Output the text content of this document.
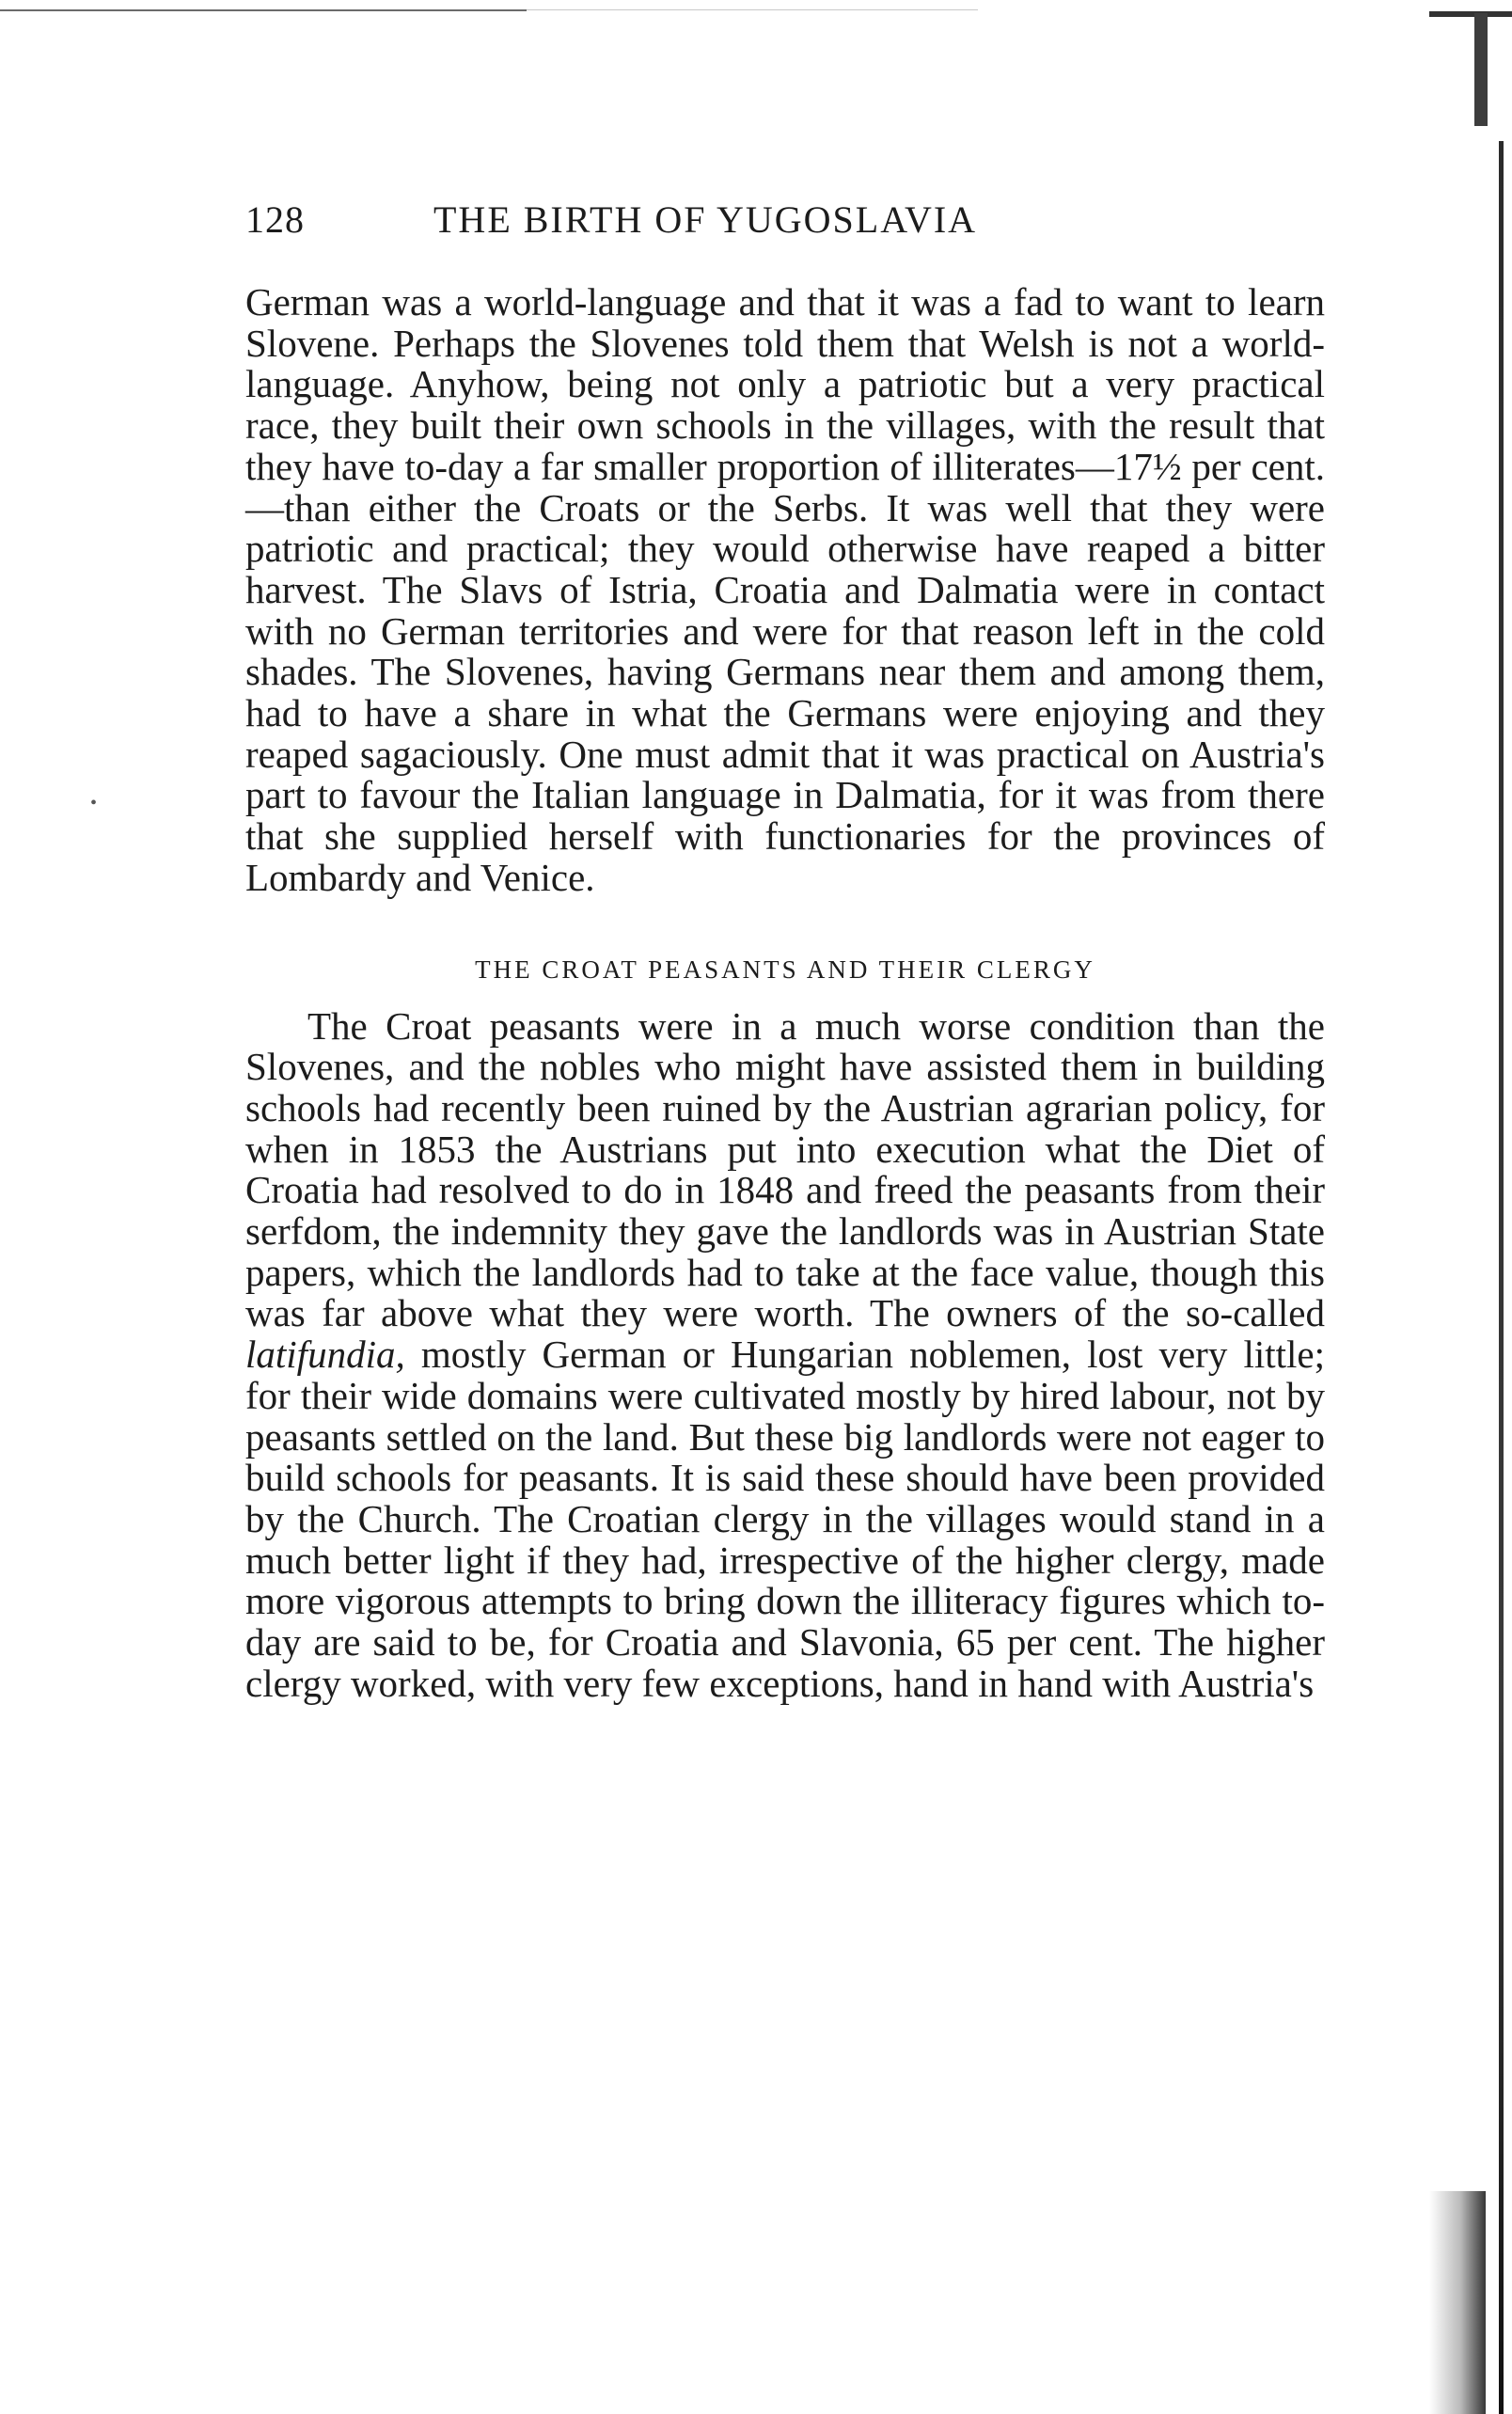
•
128	THE BIRTH OF YUGOSLAVIA

German was a world-language and that it was a fad to want to learn Slovene. Perhaps the Slovenes told them that Welsh is not a world-language. Anyhow, being not only a patriotic but a very practical race, they built their own schools in the villages, with the result that they have to-day a far smaller proportion of illiterates—17½ per cent.—than either the Croats or the Serbs. It was well that they were patriotic and practical; they would otherwise have reaped a bitter harvest. The Slavs of Istria, Croatia and Dalmatia were in contact with no German territories and were for that reason left in the cold shades. The Slovenes, having Germans near them and among them, had to have a share in what the Germans were enjoying and they reaped sagaciously. One must admit that it was practical on Austria's part to favour the Italian language in Dalmatia, for it was from there that she supplied herself with functionaries for the provinces of Lombardy and Venice.

THE CROAT PEASANTS AND THEIR CLERGY

The Croat peasants were in a much worse condition than the Slovenes, and the nobles who might have assisted them in building schools had recently been ruined by the Austrian agrarian policy, for when in 1853 the Austrians put into execution what the Diet of Croatia had resolved to do in 1848 and freed the peasants from their serfdom, the indemnity they gave the landlords was in Austrian State papers, which the landlords had to take at the face value, though this was far above what they were worth. The owners of the so-called latifundia, mostly German or Hungarian noblemen, lost very little; for their wide domains were cultivated mostly by hired labour, not by peasants settled on the land. But these big landlords were not eager to build schools for peasants. It is said these should have been provided by the Church. The Croatian clergy in the villages would stand in a much better light if they had, irrespective of the higher clergy, made more vigorous attempts to bring down the illiteracy figures which to-day are said to be, for Croatia and Slavonia, 65 per cent. The higher clergy worked, with very few exceptions, hand in hand with Austria's
